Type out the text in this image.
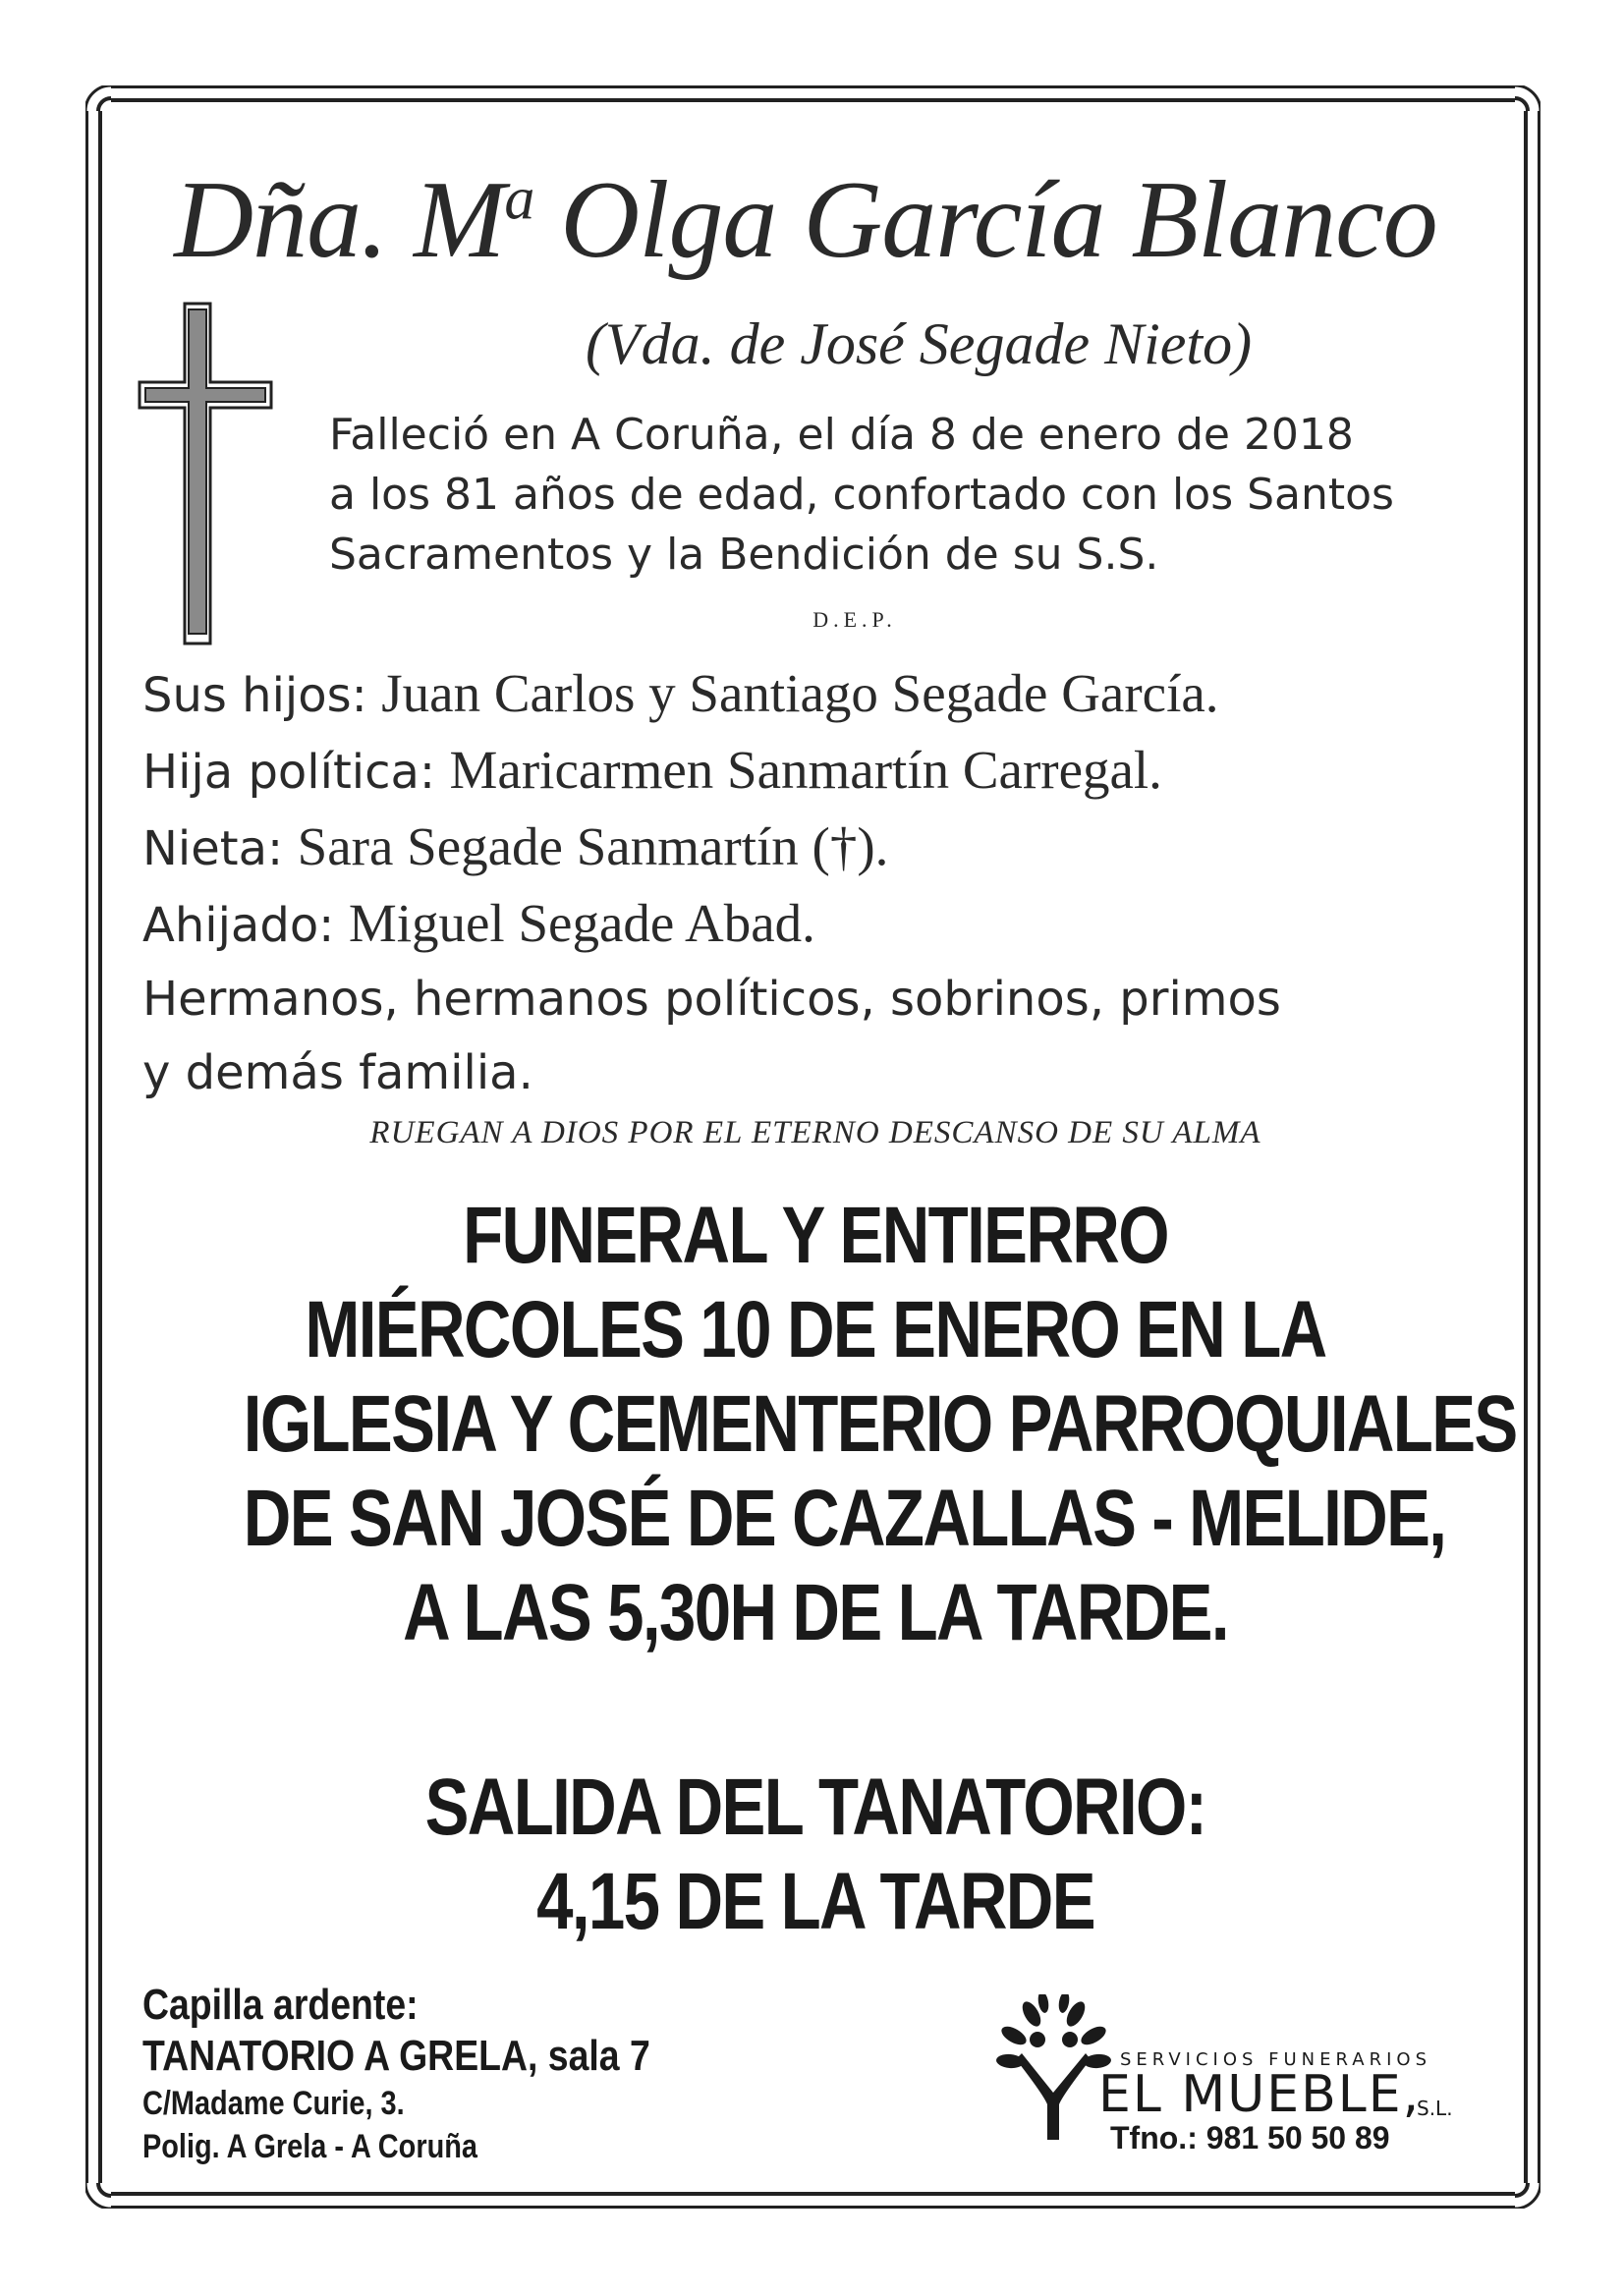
Dña. $M^a$ Olga García Blanco
(Vda. de José Segade Nieto)
Falleció en A Coruña, el día 8 de enero de 2018
a los 81 años de edad, confortado con los Santos
Sacramentos y la Bendición de su S.S.
D.E.P.
Sus hijos: Juan Carlos y Santiago Segade García.
Hija política: Maricarmen Sanmartín Carregal.
Nieta: Sara Segade Sanmartín (†).
Ahijado: Miguel Segade Abad.
Hermanos, hermanos políticos, sobrinos, primos
y demás familia.
RUEGAN A DIOS POR EL ETERNO DESCANSO DE SU ALMA
FUNERAL Y ENTIERRO
MIÉRCOLES 10 DE ENERO EN LA
IGLESIA Y CEMENTERIO PARROQUIALES
DE SAN JOSÉ DE CAZALLAS - MELIDE,
A LAS 5,30H DE LA TARDE.
SALIDA DEL TANATORIO:
4,15 DE LA TARDE
Capilla ardente:
TANATORIO A GRELA, sala 7
C/Madame Curie, 3.
Polig. A Grela - A Coruña
SERVICIOS FUNERARIOS
EL MUEBLE,
S.L.
Tfno.: 981 50 50 89
